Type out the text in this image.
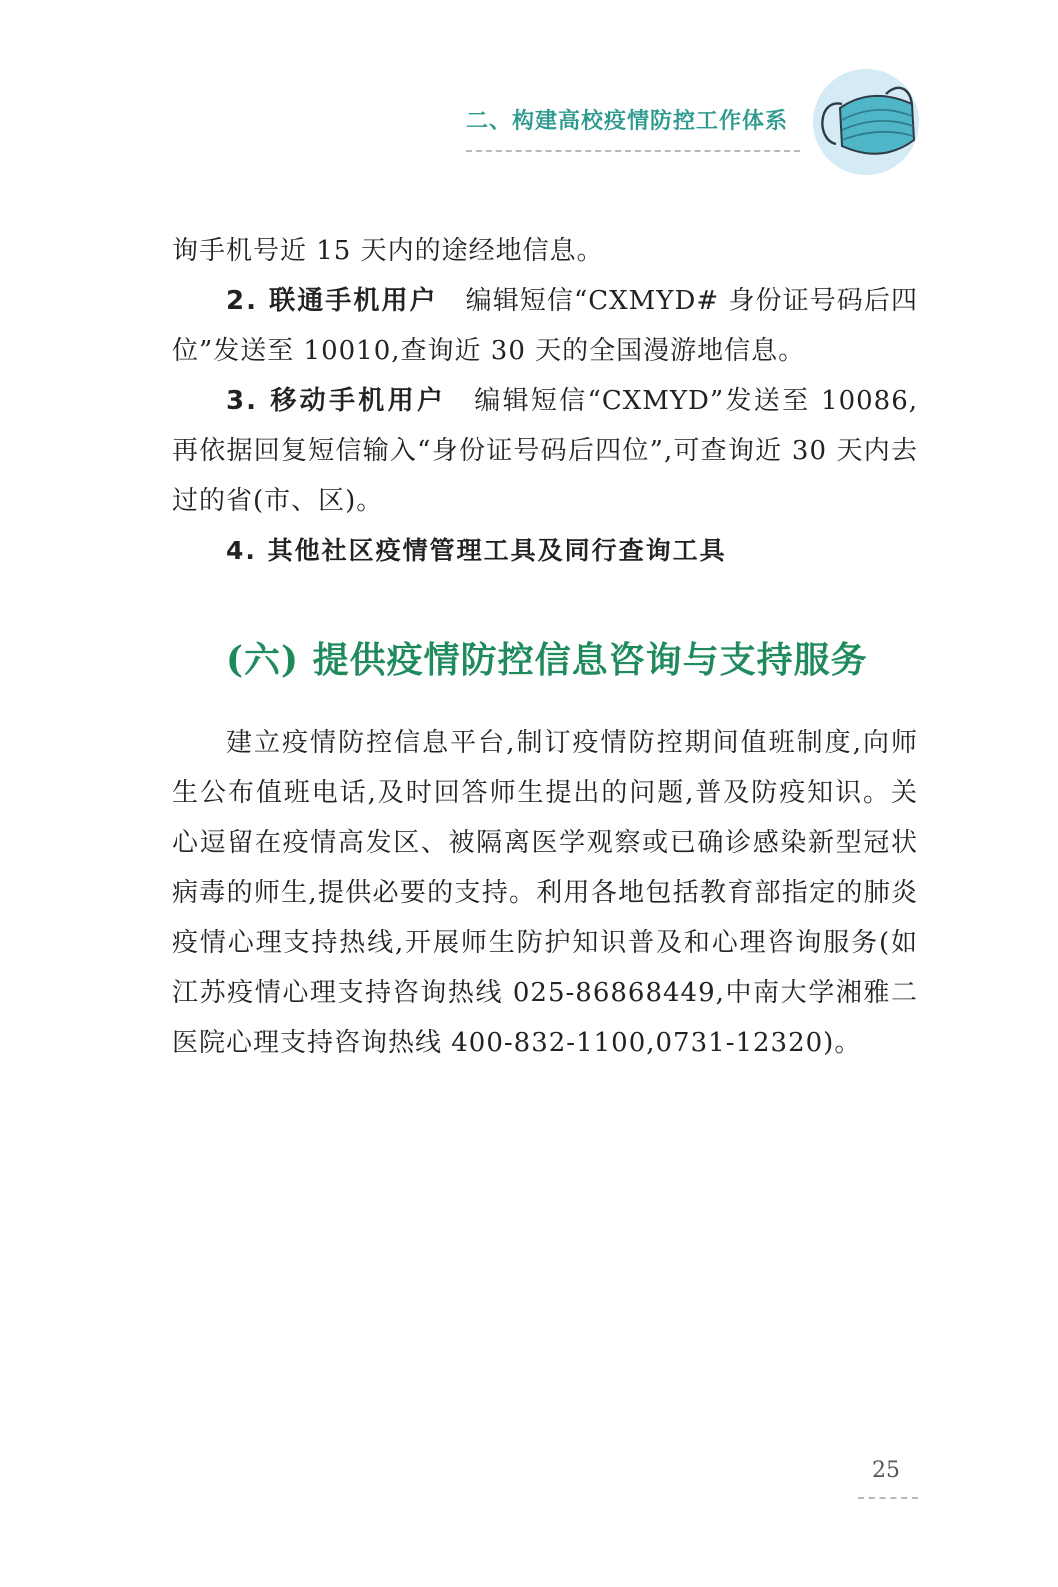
二、构建高校疫情防控工作体系

询手机号近 15 天内的途经地信息。

2. 联通手机用户 编辑短信“CXMYD# 身份证号码后四位”发送至 10010,查询近 30 天的全国漫游地信息。

3. 移动手机用户 编辑短信“CXMYD”发送至 10086,再依据回复短信输入“身份证号码后四位”,可查询近 30 天内去过的省(市、区)。

4. 其他社区疫情管理工具及同行查询工具

(六) 提供疫情防控信息咨询与支持服务

建立疫情防控信息平台,制订疫情防控期间值班制度,向师生公布值班电话,及时回答师生提出的问题,普及防疫知识。关心逗留在疫情高发区、被隔离医学观察或已确诊感染新型冠状病毒的师生,提供必要的支持。利用各地包括教育部指定的肺炎疫情心理支持热线,开展师生防护知识普及和心理咨询服务(如江苏疫情心理支持咨询热线 025-86868449,中南大学湘雅二医院心理支持咨询热线 400-832-1100,0731-12320)。

25
